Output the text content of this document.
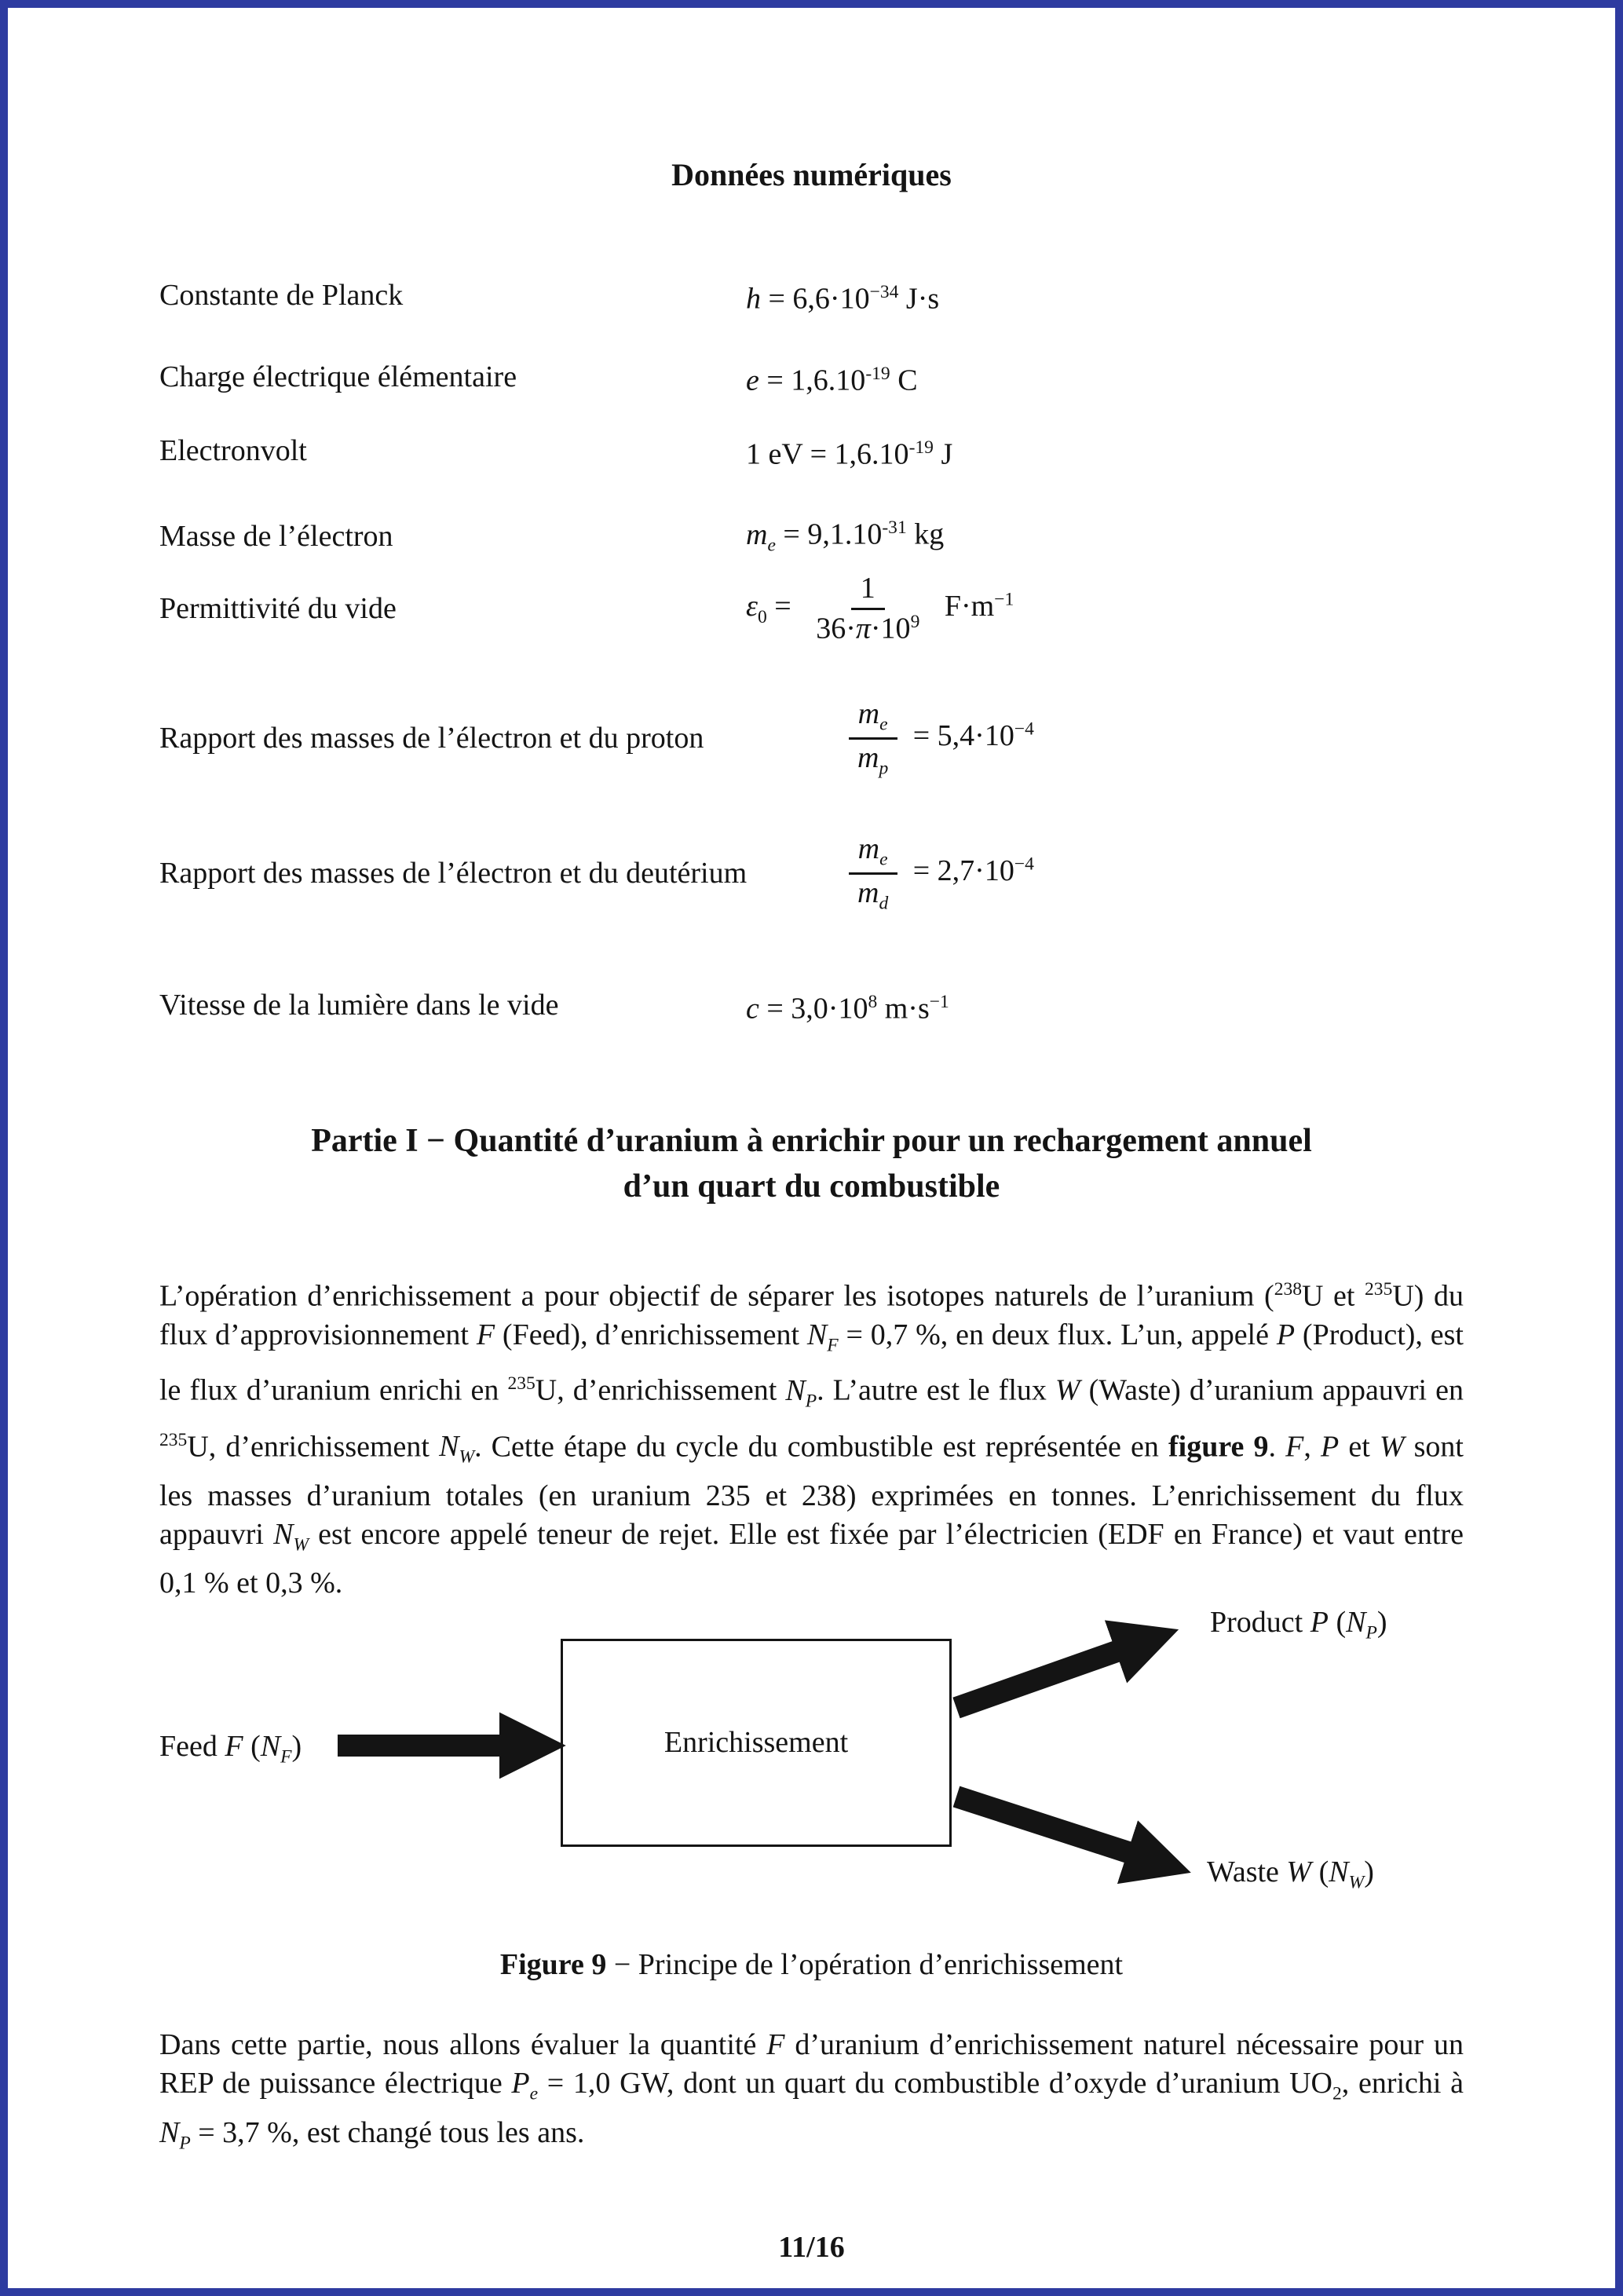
Données numériques
Constante de Planck	$h = 6,6\cdot 10^{-34}$ J·s
Charge électrique élémentaire	$e = 1,6.10^{-19}$ C
Electronvolt	1 eV = $1,6.10^{-19}$ J
Masse de l’électron	$m_e = 9,1.10^{-31}$ kg
Permittivité du vide	$\varepsilon_0 = \frac{1}{36\cdot\pi\cdot 10^9} F\cdot m^{-1}$
Rapport des masses de l’électron et du proton	$\frac{m_e}{m_p} = 5,4\cdot 10^{-4}$
Rapport des masses de l’électron et du deutérium	$\frac{m_e}{m_d} = 2,7\cdot 10^{-4}$
Vitesse de la lumière dans le vide	$c = 3,0\cdot 10^8$ $m\cdot s^{-1}$
Partie I − Quantité d’uranium à enrichir pour un rechargement annuel
d’un quart du combustible

L’opération d’enrichissement a pour objectif de séparer les isotopes naturels de l’uranium ($^{238}$U et $^{235}$U) du flux d’approvisionnement F (Feed), d’enrichissement $N_F = 0,7$ %, en deux flux. L’un, appelé P (Product), est le flux d’uranium enrichi en $^{235}$U, d’enrichissement $N_P$. L’autre est le flux W (Waste) d’uranium appauvri en $^{235}$U, d’enrichissement $N_W$. Cette étape du cycle du combustible est représentée en figure 9. F, P et W sont les masses d’uranium totales (en uranium 235 et 238) exprimées en tonnes. L’enrichissement du flux appauvri $N_W$ est encore appelé teneur de rejet. Elle est fixée par l’électricien (EDF en France) et vaut entre 0,1 % et 0,3 %.

Enrichissement
Feed F $(N_F)$
Product P $(N_P)$
Waste W $(N_W)$
Figure 9 − Principe de l’opération d’enrichissement

Dans cette partie, nous allons évaluer la quantité F d’uranium d’enrichissement naturel nécessaire pour un REP de puissance électrique $P_e = 1,0$ GW, dont un quart du combustible d’oxyde d’uranium $UO_2$, enrichi à $N_P = 3,7$ %, est changé tous les ans.

11/16
